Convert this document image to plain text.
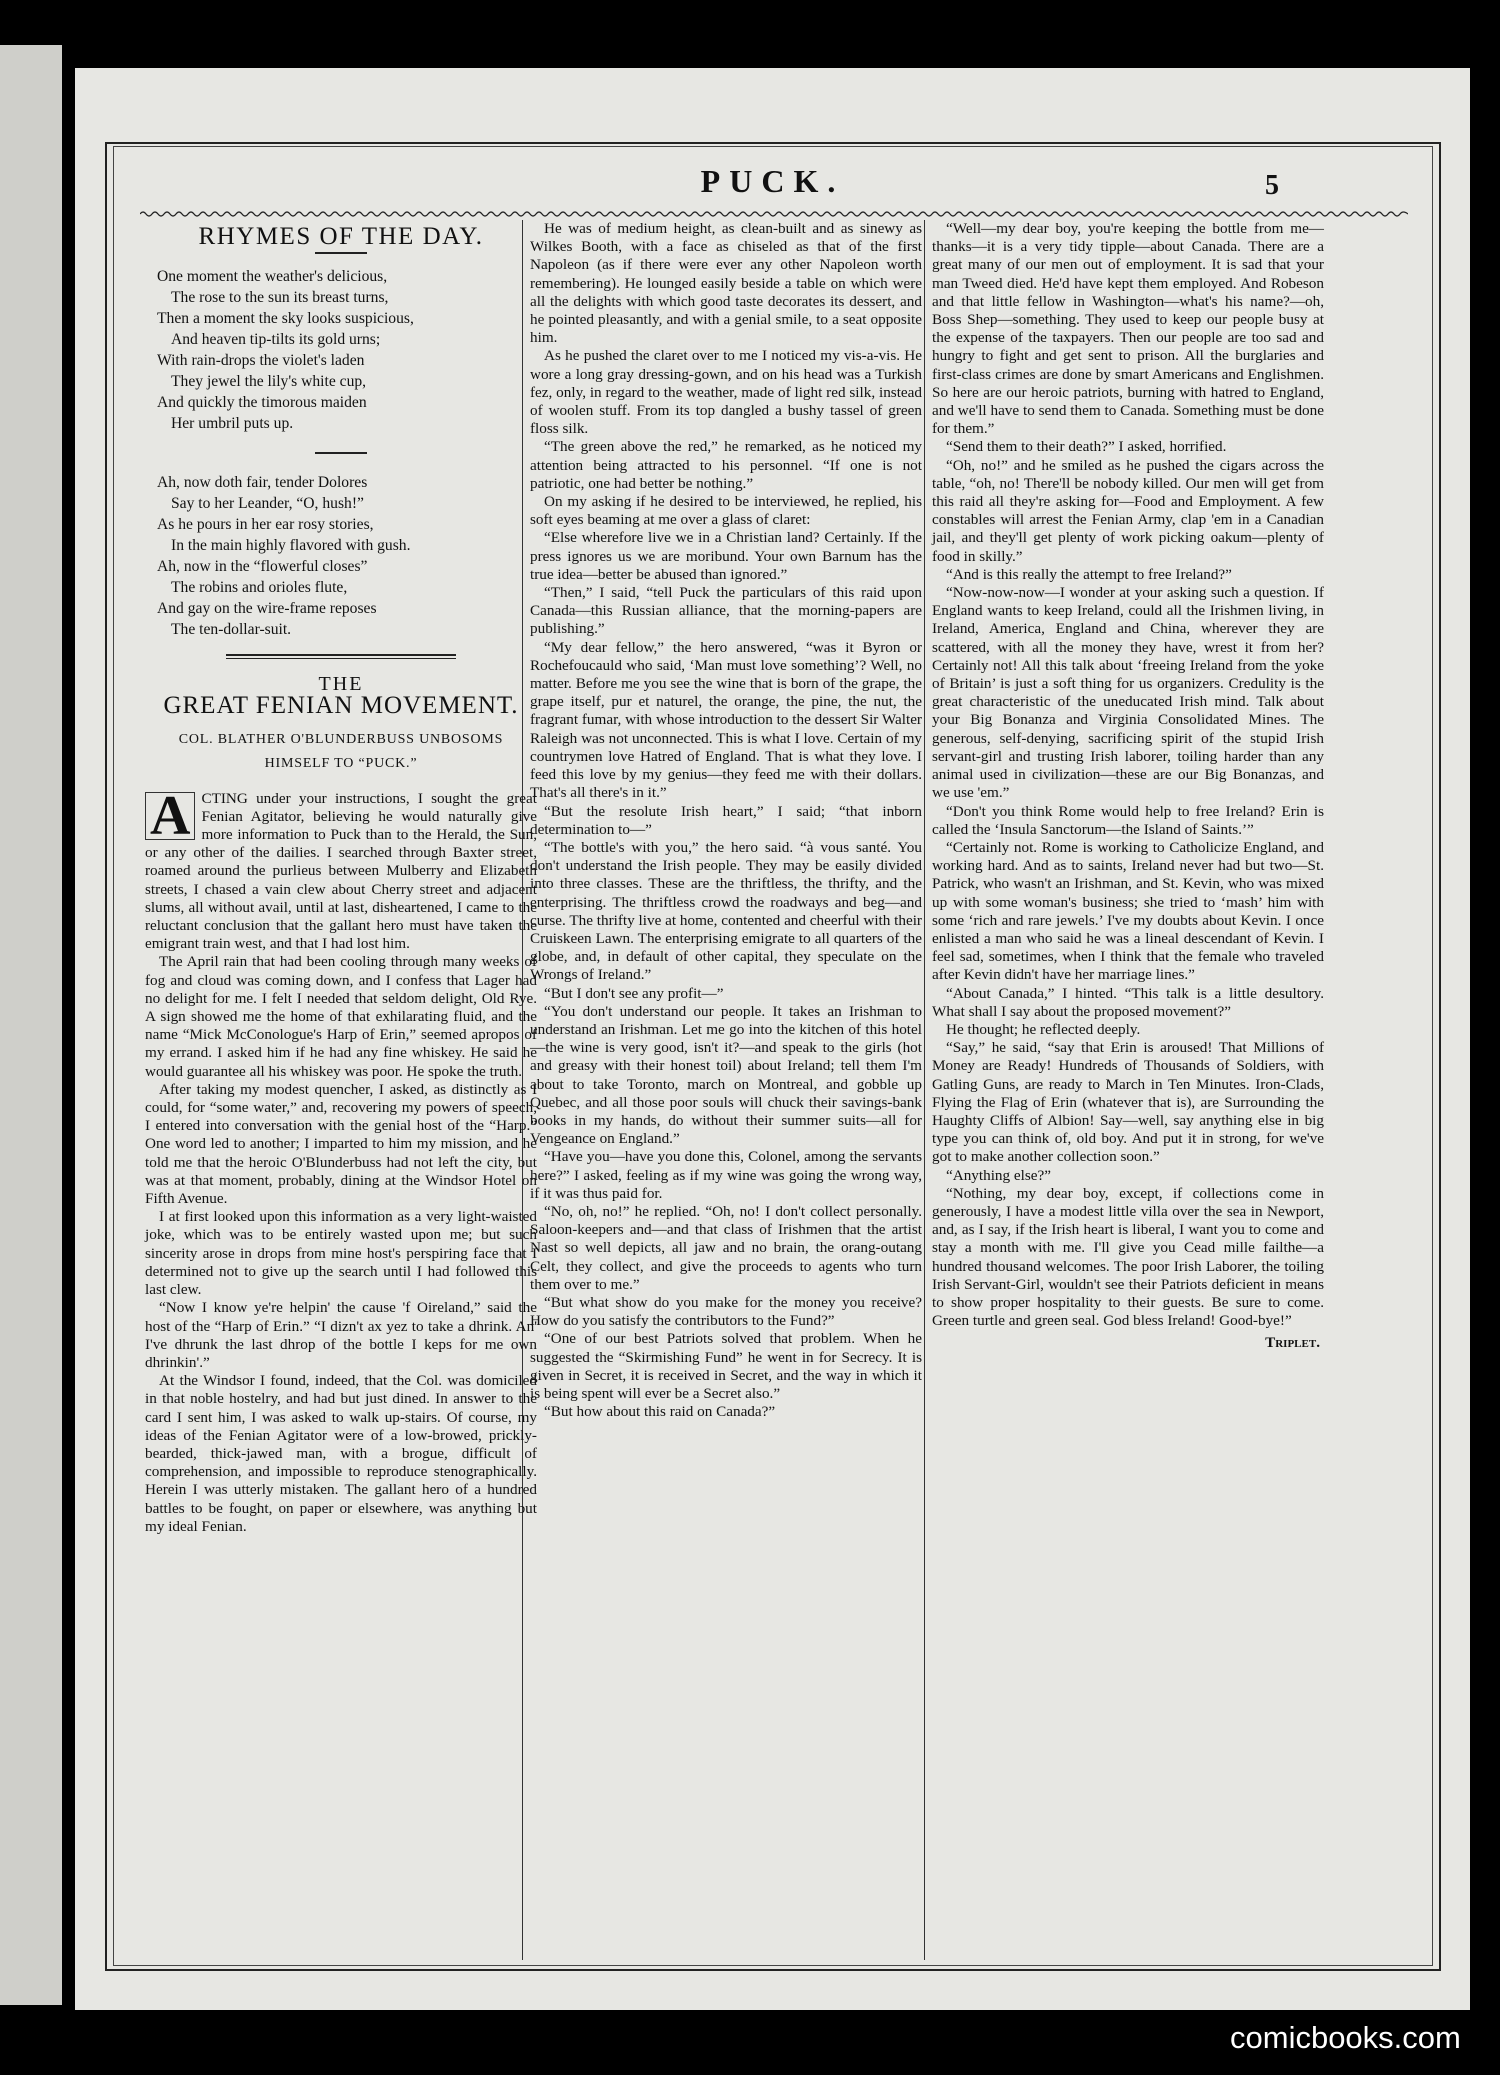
PUCK.	5
RHYMES OF THE DAY.
One moment the weather's delicious,
The rose to the sun its breast turns,
Then a moment the sky looks suspicious,
And heaven tip-tilts its gold urns;
With rain-drops the violet's laden
They jewel the lily's white cup,
And quickly the timorous maiden
Her umbril puts up.
Ah, now doth fair, tender Dolores
Say to her Leander, “O, hush!”
As he pours in her ear rosy stories,
In the main highly flavored with gush.
Ah, now in the “flowerful closes”
The robins and orioles flute,
And gay on the wire-frame reposes
The ten-dollar-suit.
THE
GREAT FENIAN MOVEMENT.
COL. BLATHER O'BLUNDERBUSS UNBOSOMS
HIMSELF TO “PUCK.”

A CTING under your instructions, I sought the great Fenian Agitator, believing he would naturally give more information to Puck than to the Herald, the Sun, or any other of the dailies. I searched through Baxter street, roamed around the purlieus between Mulberry and Elizabeth streets, I chased a vain clew about Cherry street and adjacent slums, all without avail, until at last, disheartened, I came to the reluctant conclusion that the gallant hero must have taken the emigrant train west, and that I had lost him.

The April rain that had been cooling through many weeks of fog and cloud was coming down, and I confess that Lager had no delight for me. I felt I needed that seldom delight, Old Rye. A sign showed me the home of that exhilarating fluid, and the name “Mick McConologue's Harp of Erin,” seemed apropos of my errand. I asked him if he had any fine whiskey. He said he would guarantee all his whiskey was poor. He spoke the truth.

After taking my modest quencher, I asked, as distinctly as I could, for “some water,” and, recovering my powers of speech, I entered into conversation with the genial host of the “Harp.” One word led to another; I imparted to him my mission, and he told me that the heroic O'Blunderbuss had not left the city, but was at that moment, probably, dining at the Windsor Hotel on Fifth Avenue.

I at first looked upon this information as a very light-waisted joke, which was to be entirely wasted upon me; but such sincerity arose in drops from mine host's perspiring face that I determined not to give up the search until I had followed this last clew.

“Now I know ye're helpin' the cause 'f Oireland,” said the host of the “Harp of Erin.” “I dizn't ax yez to take a dhrink. An' I've dhrunk the last dhrop of the bottle I keps for me own dhrinkin'.”

At the Windsor I found, indeed, that the Col. was domiciled in that noble hostelry, and had but just dined. In answer to the card I sent him, I was asked to walk up-stairs. Of course, my ideas of the Fenian Agitator were of a low-browed, prickly-bearded, thick-jawed man, with a brogue, difficult of comprehension, and impossible to reproduce stenographically. Herein I was utterly mistaken. The gallant hero of a hundred battles to be fought, on paper or elsewhere, was anything but my ideal Fenian.

He was of medium height, as clean-built and as sinewy as Wilkes Booth, with a face as chiseled as that of the first Napoleon (as if there were ever any other Napoleon worth remembering). He lounged easily beside a table on which were all the delights with which good taste decorates its dessert, and he pointed pleasantly, and with a genial smile, to a seat opposite him.

As he pushed the claret over to me I noticed my vis-a-vis. He wore a long gray dressing-gown, and on his head was a Turkish fez, only, in regard to the weather, made of light red silk, instead of woolen stuff. From its top dangled a bushy tassel of green floss silk.

“The green above the red,” he remarked, as he noticed my attention being attracted to his personnel. “If one is not patriotic, one had better be nothing.”

On my asking if he desired to be interviewed, he replied, his soft eyes beaming at me over a glass of claret:

“Else wherefore live we in a Christian land? Certainly. If the press ignores us we are moribund. Your own Barnum has the true idea—better be abused than ignored.”

“Then,” I said, “tell Puck the particulars of this raid upon Canada—this Russian alliance, that the morning-papers are publishing.”

“My dear fellow,” the hero answered, “was it Byron or Rochefoucauld who said, ‘Man must love something’? Well, no matter. Before me you see the wine that is born of the grape, the grape itself, pur et naturel, the orange, the pine, the nut, the fragrant fumar, with whose introduction to the dessert Sir Walter Raleigh was not unconnected. This is what I love. Certain of my countrymen love Hatred of England. That is what they love. I feed this love by my genius—they feed me with their dollars. That's all there's in it.”

“But the resolute Irish heart,” I said; “that inborn determination to—”

“The bottle's with you,” the hero said. “à vous santé. You don't understand the Irish people. They may be easily divided into three classes. These are the thriftless, the thrifty, and the enterprising. The thriftless crowd the roadways and beg—and curse. The thrifty live at home, contented and cheerful with their Cruiskeen Lawn. The enterprising emigrate to all quarters of the globe, and, in default of other capital, they speculate on the Wrongs of Ireland.”

“But I don't see any profit—”

“You don't understand our people. It takes an Irishman to understand an Irishman. Let me go into the kitchen of this hotel—the wine is very good, isn't it?—and speak to the girls (hot and greasy with their honest toil) about Ireland; tell them I'm about to take Toronto, march on Montreal, and gobble up Quebec, and all those poor souls will chuck their savings-bank books in my hands, do without their summer suits—all for Vengeance on England.”

“Have you—have you done this, Colonel, among the servants here?” I asked, feeling as if my wine was going the wrong way, if it was thus paid for.

“No, oh, no!” he replied. “Oh, no! I don't collect personally. Saloon-keepers and—and that class of Irishmen that the artist Nast so well depicts, all jaw and no brain, the orang-outang Celt, they collect, and give the proceeds to agents who turn them over to me.”

“But what show do you make for the money you receive? How do you satisfy the contributors to the Fund?”

“One of our best Patriots solved that problem. When he suggested the “Skirmishing Fund” he went in for Secrecy. It is given in Secret, it is received in Secret, and the way in which it is being spent will ever be a Secret also.”

“But how about this raid on Canada?”

“Well—my dear boy, you're keeping the bottle from me—thanks—it is a very tidy tipple—about Canada. There are a great many of our men out of employment. It is sad that your man Tweed died. He'd have kept them employed. And Robeson and that little fellow in Washington—what's his name?—oh, Boss Shep—something. They used to keep our people busy at the expense of the taxpayers. Then our people are too sad and hungry to fight and get sent to prison. All the burglaries and first-class crimes are done by smart Americans and Englishmen. So here are our heroic patriots, burning with hatred to England, and we'll have to send them to Canada. Something must be done for them.”

“Send them to their death?” I asked, horrified.

“Oh, no!” and he smiled as he pushed the cigars across the table, “oh, no! There'll be nobody killed. Our men will get from this raid all they're asking for—Food and Employment. A few constables will arrest the Fenian Army, clap 'em in a Canadian jail, and they'll get plenty of work picking oakum—plenty of food in skilly.”

“And is this really the attempt to free Ireland?”

“Now-now-now—I wonder at your asking such a question. If England wants to keep Ireland, could all the Irishmen living, in Ireland, America, England and China, wherever they are scattered, with all the money they have, wrest it from her? Certainly not! All this talk about ‘freeing Ireland from the yoke of Britain’ is just a soft thing for us organizers. Credulity is the great characteristic of the uneducated Irish mind. Talk about your Big Bonanza and Virginia Consolidated Mines. The generous, self-denying, sacrificing spirit of the stupid Irish servant-girl and trusting Irish laborer, toiling harder than any animal used in civilization—these are our Big Bonanzas, and we use 'em.”

“Don't you think Rome would help to free Ireland? Erin is called the ‘Insula Sanctorum—the Island of Saints.’”

“Certainly not. Rome is working to Catholicize England, and working hard. And as to saints, Ireland never had but two—St. Patrick, who wasn't an Irishman, and St. Kevin, who was mixed up with some woman's business; she tried to ‘mash’ him with some ‘rich and rare jewels.’ I've my doubts about Kevin. I once enlisted a man who said he was a lineal descendant of Kevin. I feel sad, sometimes, when I think that the female who traveled after Kevin didn't have her marriage lines.”

“About Canada,” I hinted. “This talk is a little desultory. What shall I say about the proposed movement?”

He thought; he reflected deeply.

“Say,” he said, “say that Erin is aroused! That Millions of Money are Ready! Hundreds of Thousands of Soldiers, with Gatling Guns, are ready to March in Ten Minutes. Iron-Clads, Flying the Flag of Erin (whatever that is), are Surrounding the Haughty Cliffs of Albion! Say—well, say anything else in big type you can think of, old boy. And put it in strong, for we've got to make another collection soon.”

“Anything else?”

“Nothing, my dear boy, except, if collections come in generously, I have a modest little villa over the sea in Newport, and, as I say, if the Irish heart is liberal, I want you to come and stay a month with me. I'll give you Cead mille failthe—a hundred thousand welcomes. The poor Irish Laborer, the toiling Irish Servant-Girl, wouldn't see their Patriots deficient in means to show proper hospitality to their guests. Be sure to come. Green turtle and green seal. God bless Ireland! Good-bye!”

Triplet.
comicbooks.com
